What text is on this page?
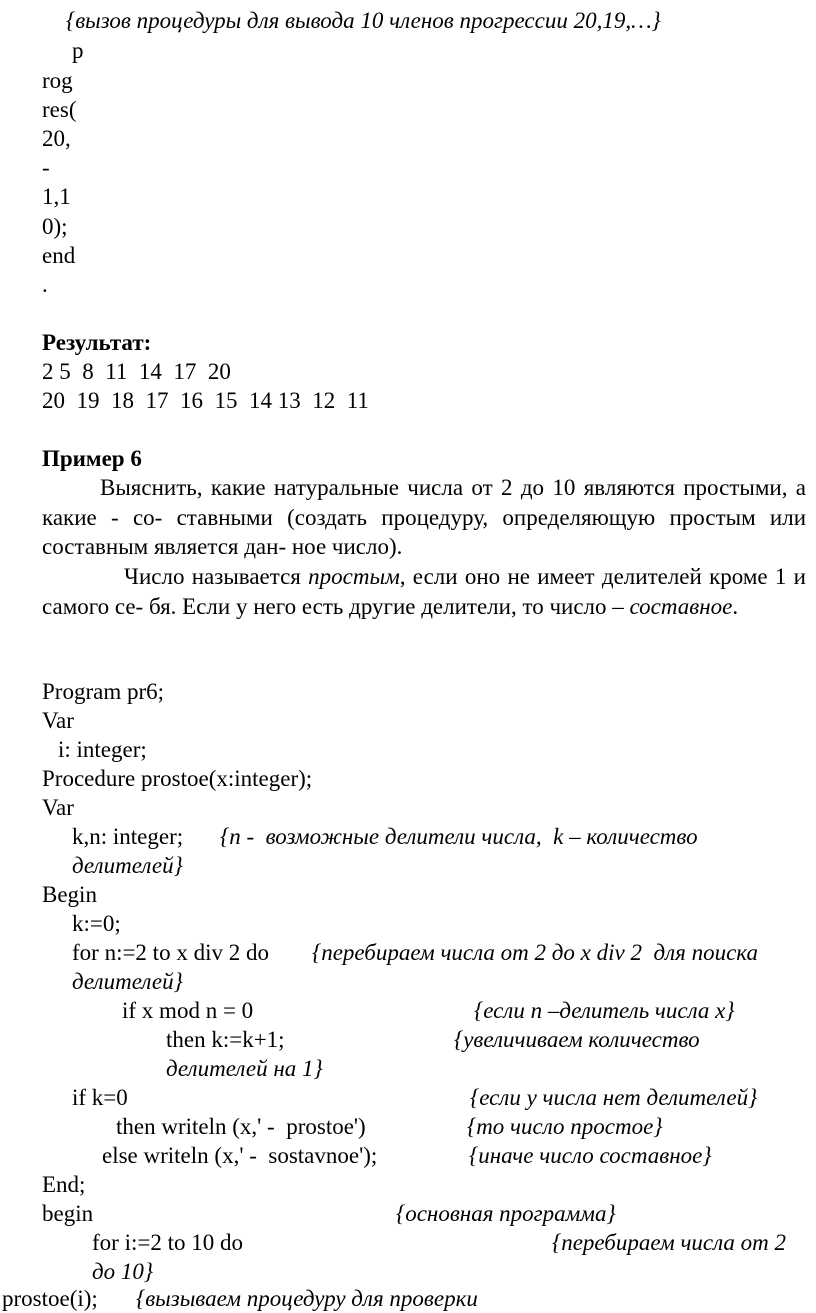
{вызов процедуры для вывода 10 членов прогрессии 20,19,…}
p
rog
res(
20,
-
1,1
0);
end
.
Результат:
2 5  8  11  14  17  20
20  19  18  17  16  15  14 13  12  11
Пример 6

Выяснить, какие натуральные числа от 2 до 10 являются простыми, а какие - со- ставными (создать процедуру, определяющую простым или составным является дан- ное число).

Число называется простым, если оно не имеет делителей кроме 1 и самого се- бя. Если у него есть другие делители, то число – составное.

Program pr6;
Var
i: integer;
Procedure prostoe(x:integer);
Var
k,n: integer; {n -  возможные делители числа,  k – количество
делителей}
Begin
k:=0;
for n:=2 to x div 2 do {перебираем числа от 2 до x div 2  для поиска
делителей}
if x mod n = 0	{если n –делитель числа x}
then k:=k+1;	{увеличиваем количество
делителей на 1}
if k=0	{если у числа нет делителей}
then writeln (x,' -  prostoe')	{то число простое}
else writeln (x,' -  sostavnoe');	{иначе число составное}
End;
begin	{основная программа}
for i:=2 to 10 do	{перебираем числа от 2
до 10}
prostoe(i); {вызываем процедуру для проверки
